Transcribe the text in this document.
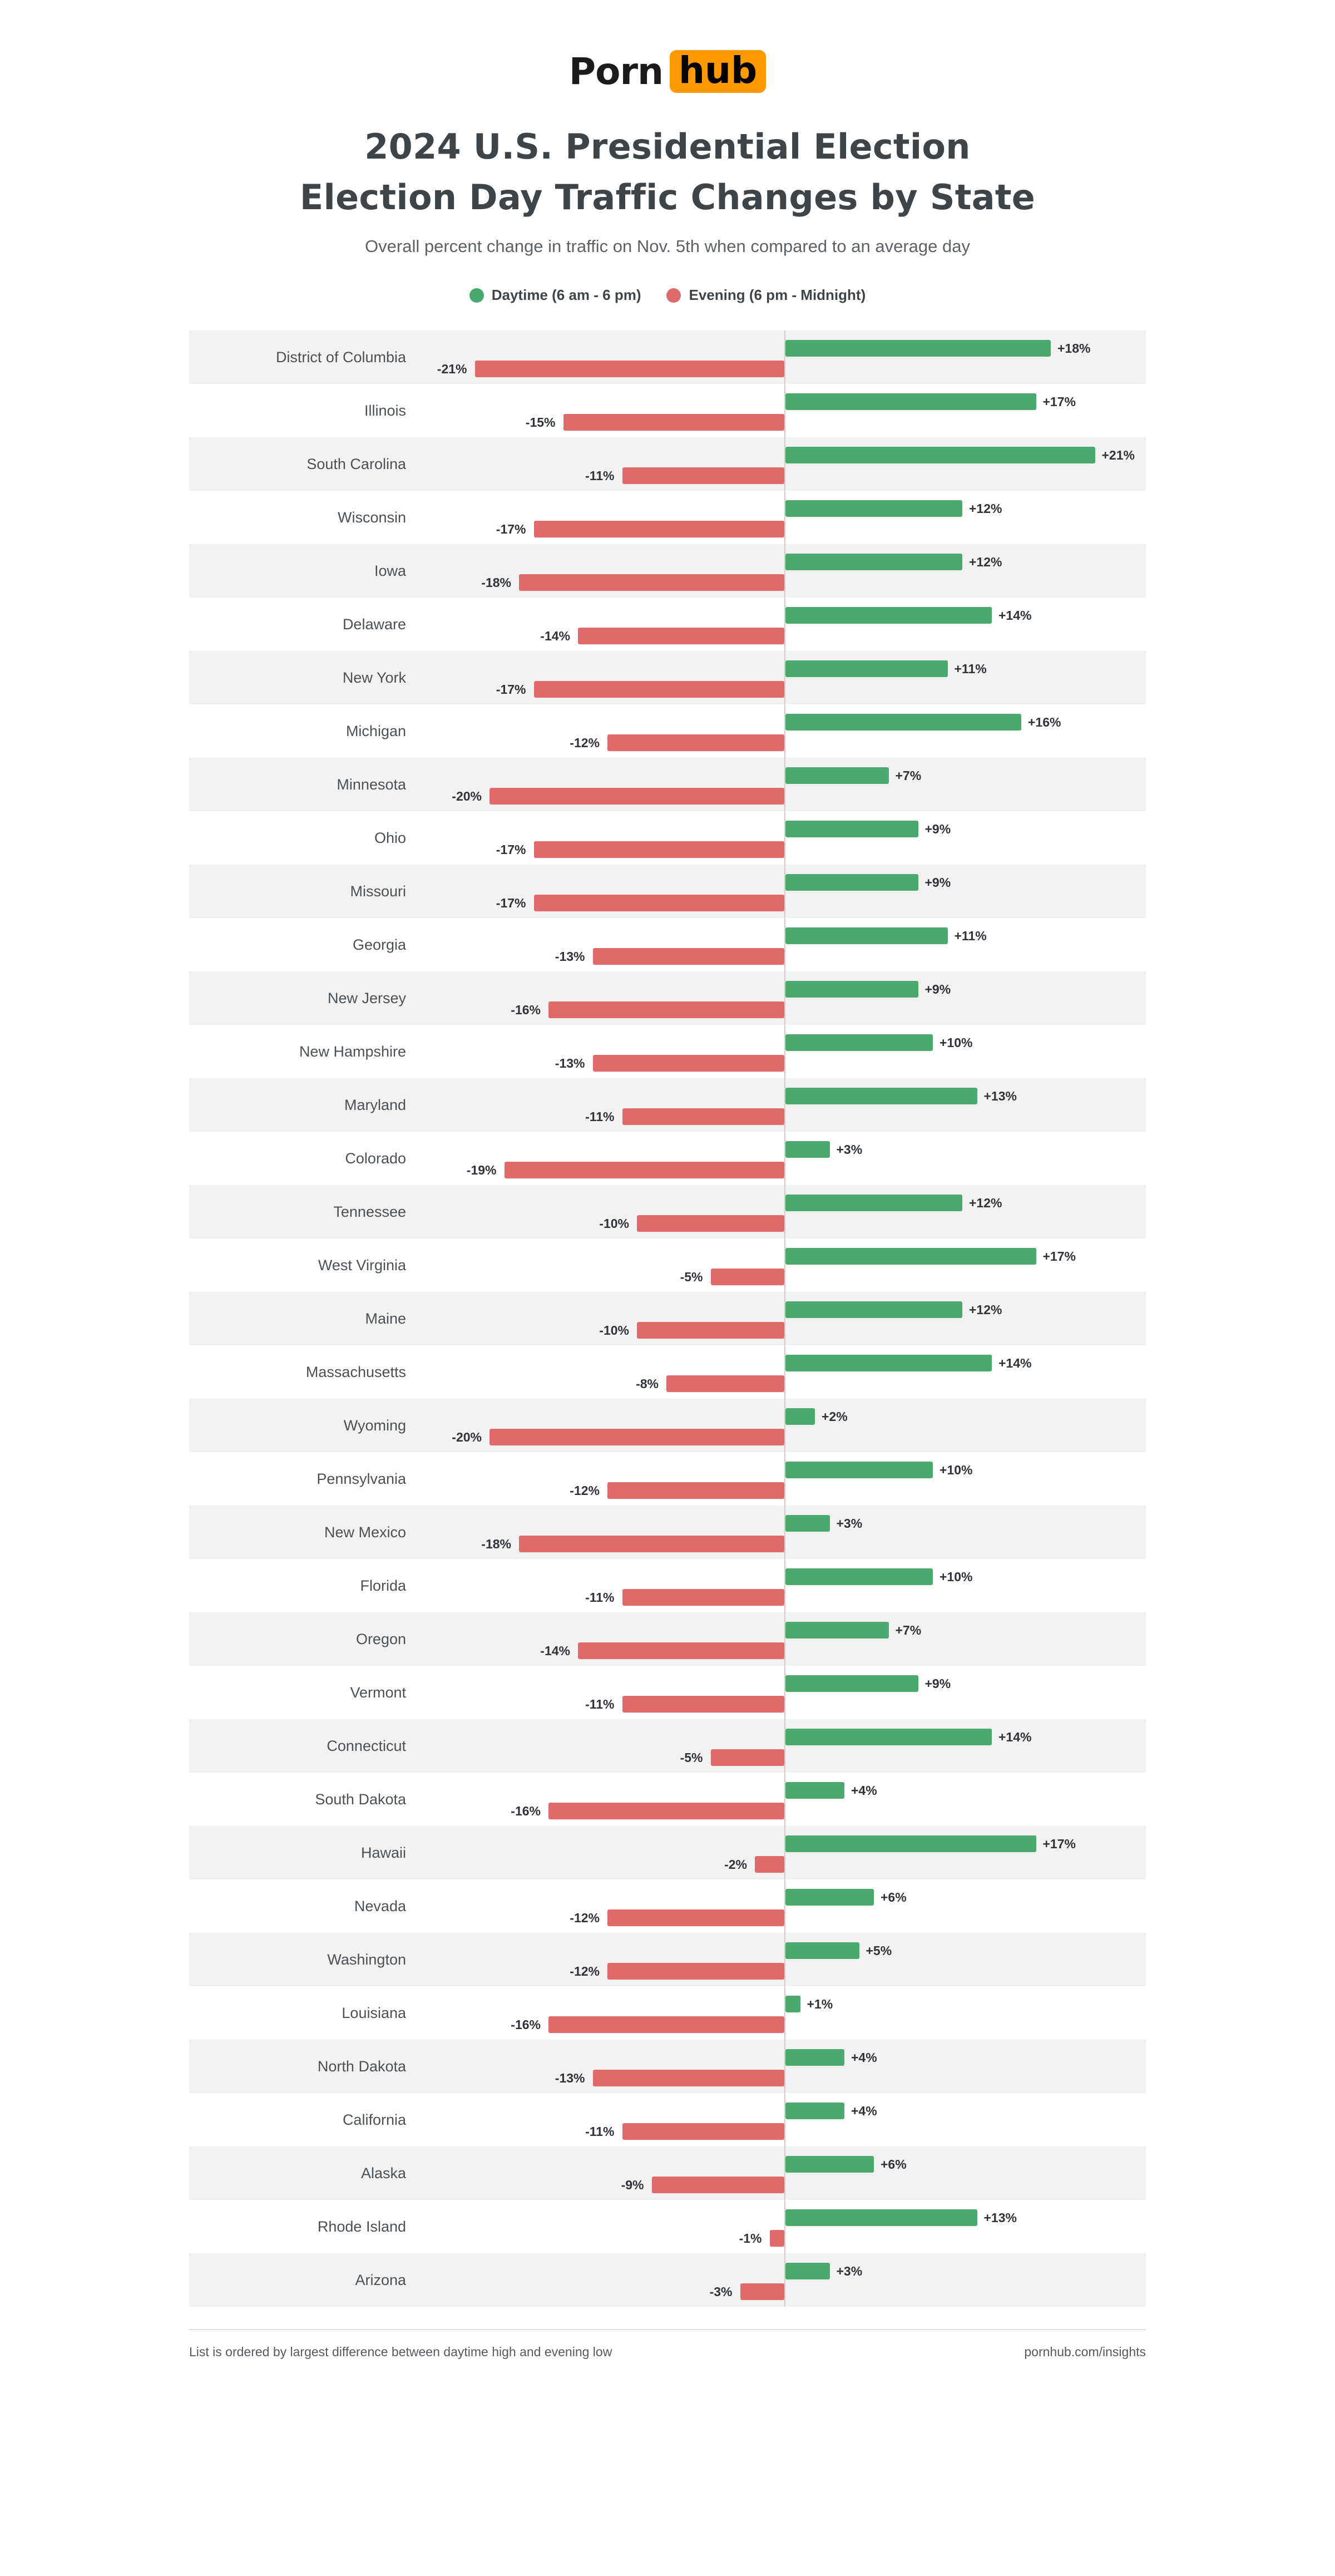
Porn hub
2024 U.S. Presidential Election
Election Day Traffic Changes by State
Overall percent change in traffic on Nov. 5th when compared to an average day
Daytime (6 am - 6 pm)	Evening (6 pm - Midnight)
District of Columbia
+18%
-21%
Illinois
+17%
-15%
South Carolina
+21%
-11%
Wisconsin
+12%
-17%
Iowa
+12%
-18%
Delaware
+14%
-14%
New York
+11%
-17%
Michigan
+16%
-12%
Minnesota
+7%
-20%
Ohio
+9%
-17%
Missouri
+9%
-17%
Georgia
+11%
-13%
New Jersey
+9%
-16%
New Hampshire
+10%
-13%
Maryland
+13%
-11%
Colorado
+3%
-19%
Tennessee
+12%
-10%
West Virginia
+17%
-5%
Maine
+12%
-10%
Massachusetts
+14%
-8%
Wyoming
+2%
-20%
Pennsylvania
+10%
-12%
New Mexico
+3%
-18%
Florida
+10%
-11%
Oregon
+7%
-14%
Vermont
+9%
-11%
Connecticut
+14%
-5%
South Dakota
+4%
-16%
Hawaii
+17%
-2%
Nevada
+6%
-12%
Washington
+5%
-12%
Louisiana
+1%
-16%
North Dakota
+4%
-13%
California
+4%
-11%
Alaska
+6%
-9%
Rhode Island
+13%
-1%
Arizona
+3%
-3%
List is ordered by largest difference between daytime high and evening low	pornhub.com/insights
